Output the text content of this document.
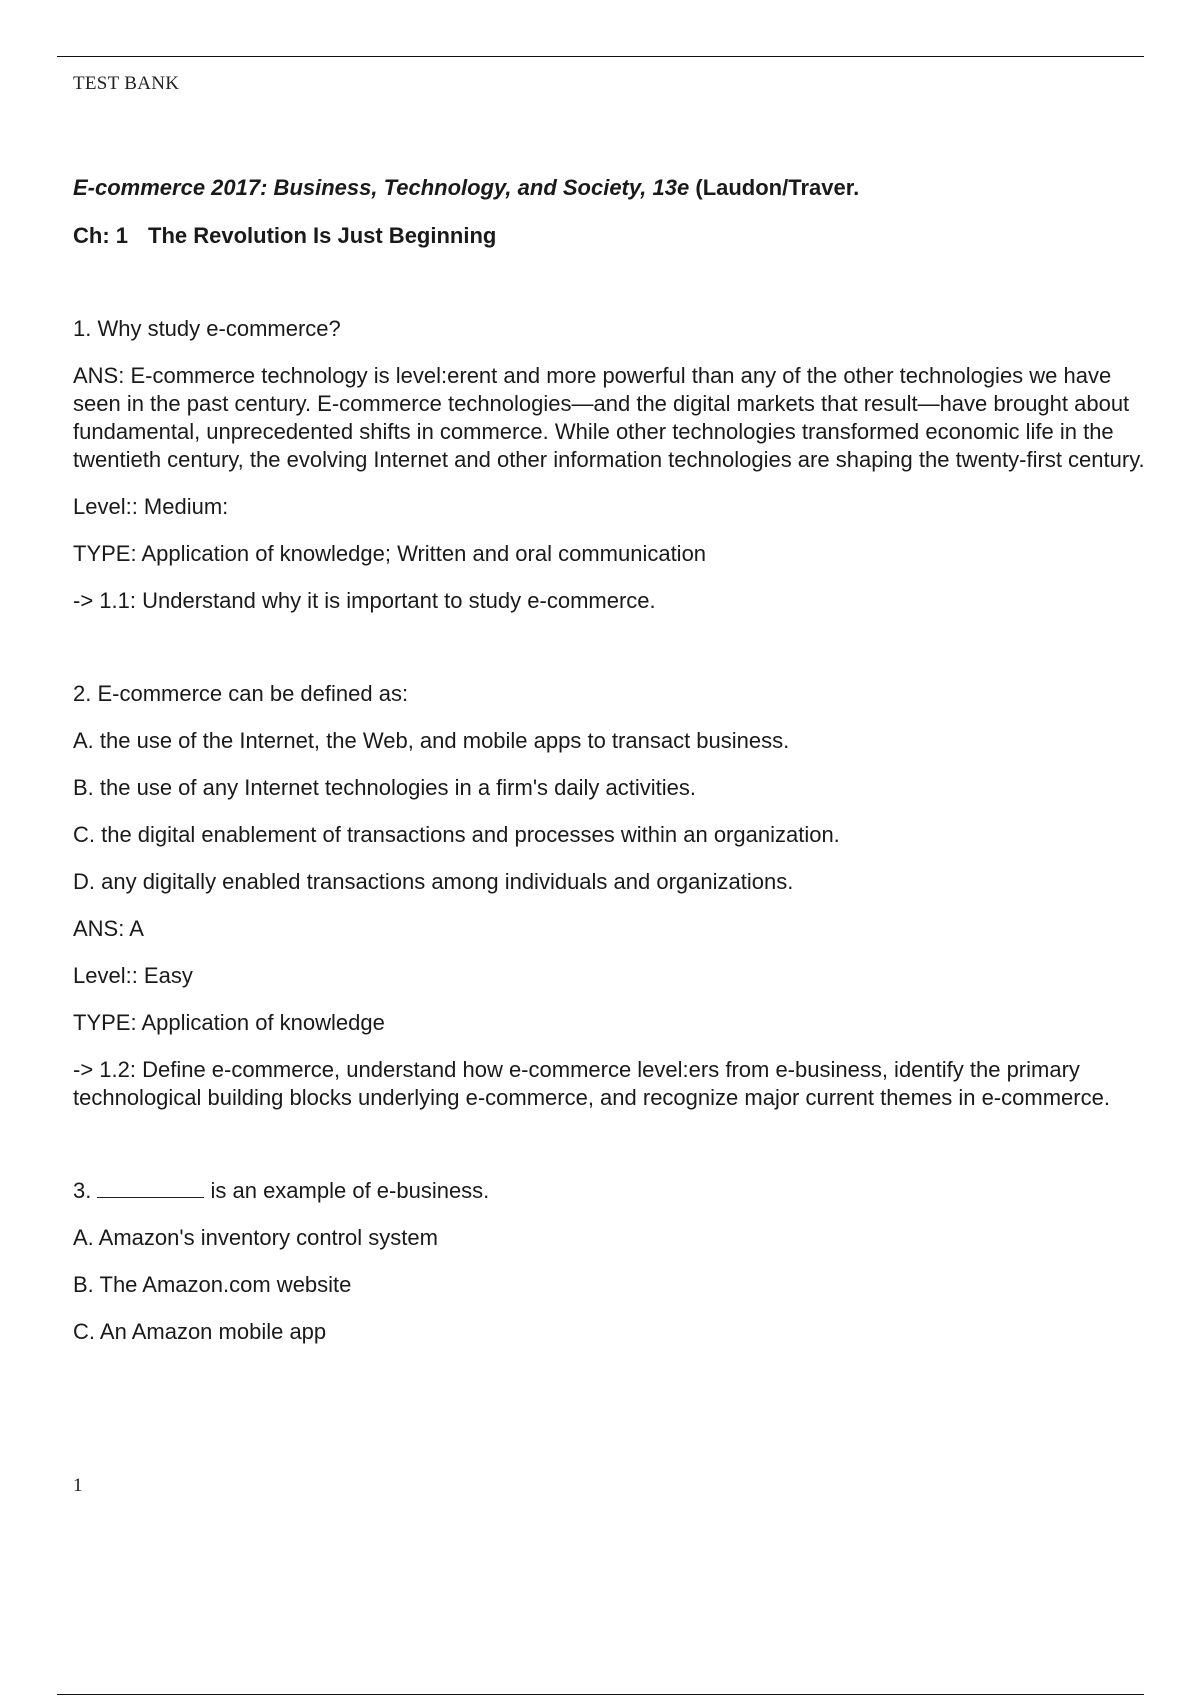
TEST BANK

E-commerce 2017: Business, Technology, and Society, 13e (Laudon/Traver.

Ch: 1 The Revolution Is Just Beginning

1. Why study e-commerce?

ANS: E-commerce technology is level:erent and more powerful than any of the other technologies we have seen in the past century. E-commerce technologies—and the digital markets that result—have brought about fundamental, unprecedented shifts in commerce. While other technologies transformed economic life in the twentieth century, the evolving Internet and other information technologies are shaping the twenty-first century.

Level:: Medium:

TYPE: Application of knowledge; Written and oral communication

-> 1.1: Understand why it is important to study e-commerce.

2. E-commerce can be defined as:

A. the use of the Internet, the Web, and mobile apps to transact business.

B. the use of any Internet technologies in a firm's daily activities.

C. the digital enablement of transactions and processes within an organization.

D. any digitally enabled transactions among individuals and organizations.

ANS: A

Level:: Easy

TYPE: Application of knowledge

-> 1.2: Define e-commerce, understand how e-commerce level:ers from e-business, identify the primary technological building blocks underlying e-commerce, and recognize major current themes in e-commerce.

3.	is an example of e-business.

A. Amazon's inventory control system

B. The Amazon.com website

C. An Amazon mobile app

1
